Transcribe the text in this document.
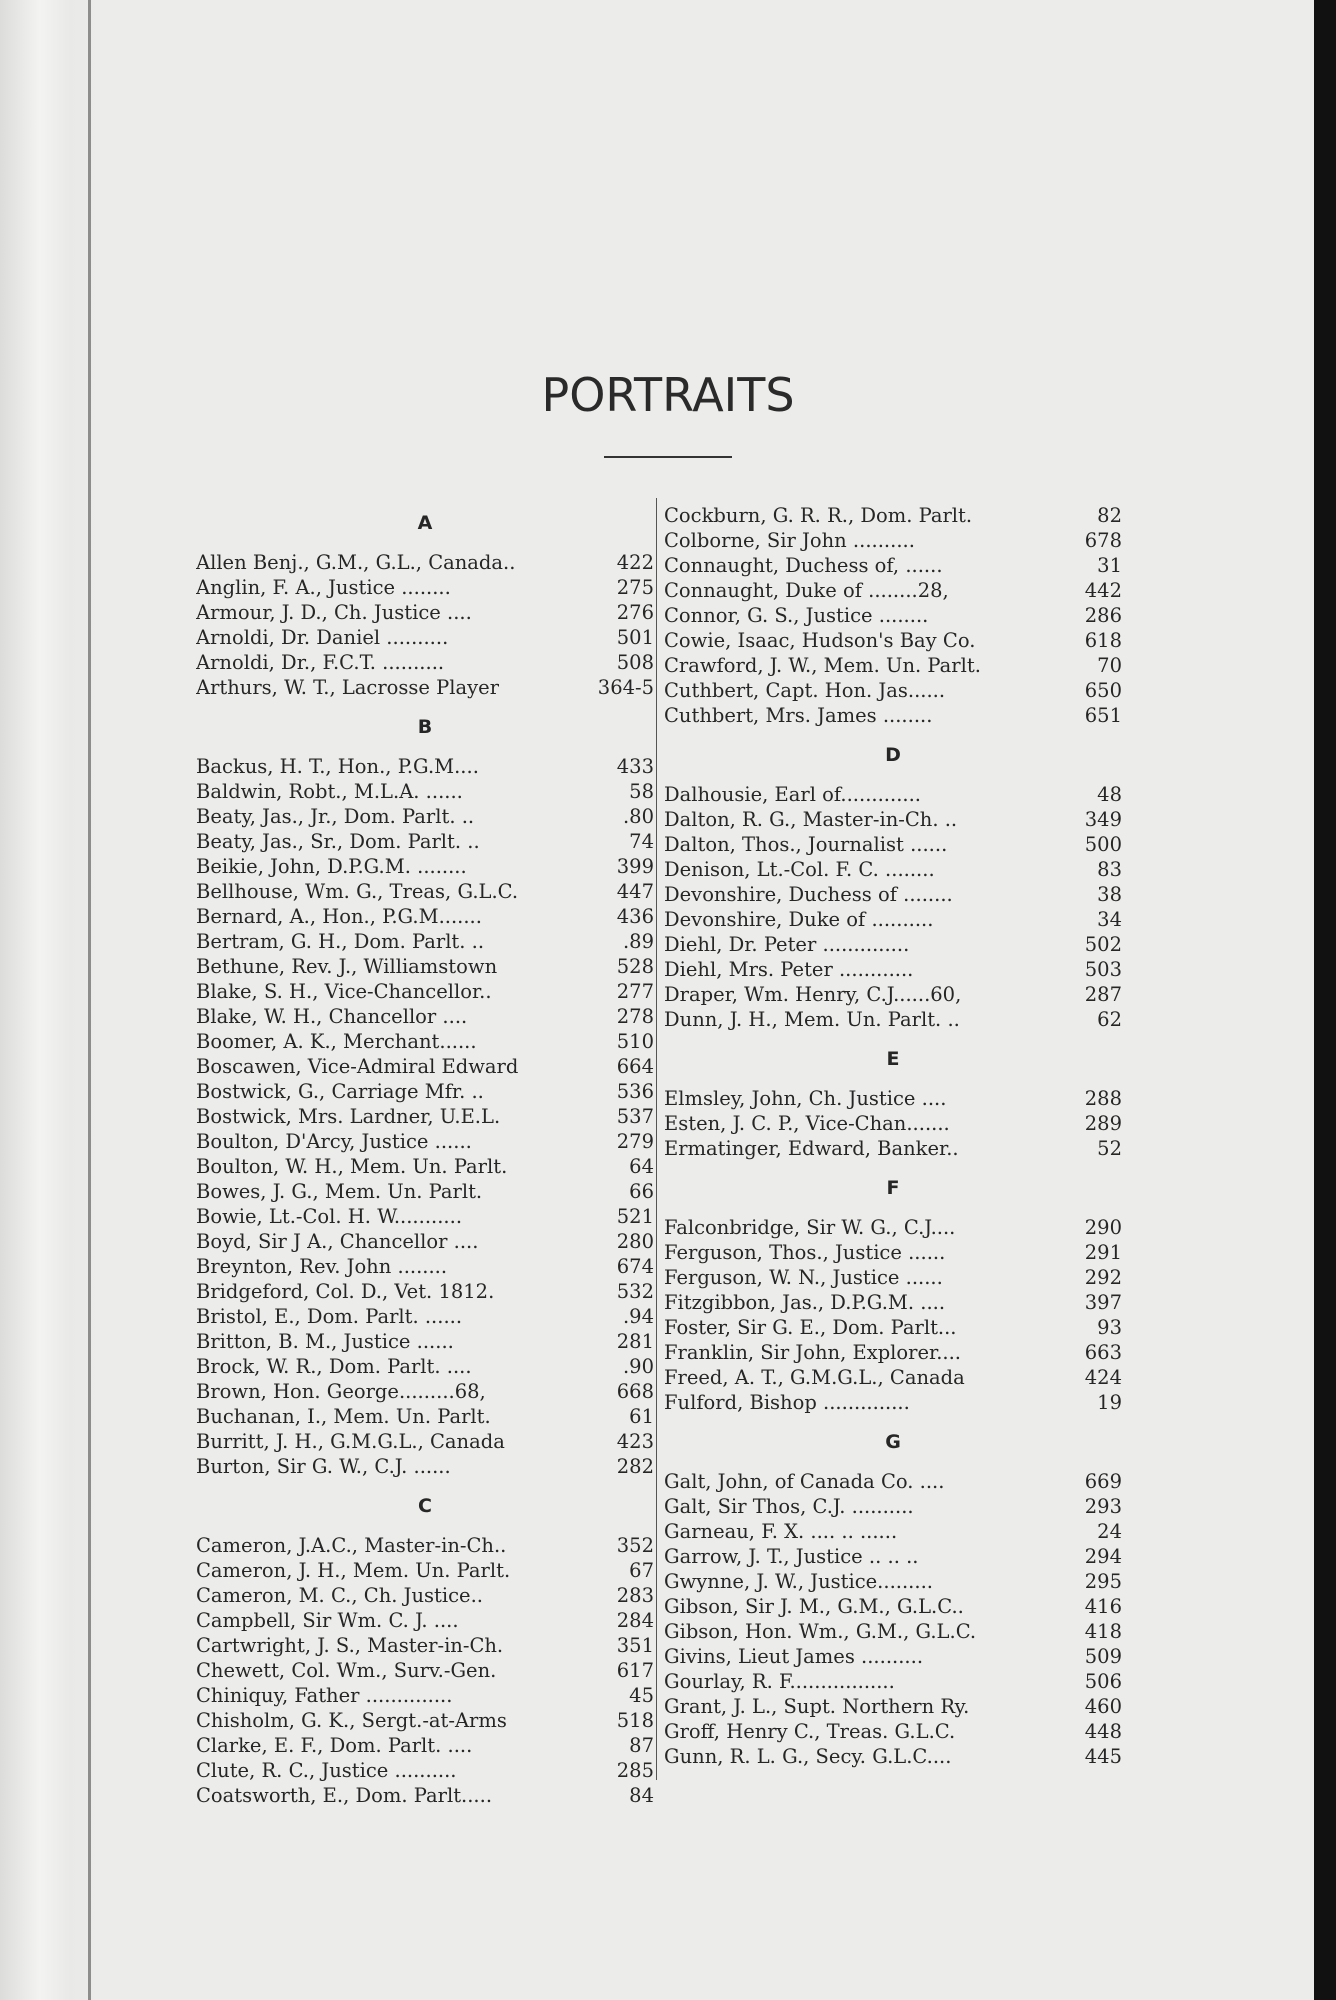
PORTRAITS
A
Allen Benj., G.M., G.L., Canada..	422
Anglin, F. A., Justice ........	275
Armour, J. D., Ch. Justice ....	276
Arnoldi, Dr. Daniel ..........	501
Arnoldi, Dr., F.C.T. ..........	508
Arthurs, W. T., Lacrosse Player	364-5
B
Backus, H. T., Hon., P.G.M....	433
Baldwin, Robt., M.L.A. ......	58
Beaty, Jas., Jr., Dom. Parlt. ..	.80
Beaty, Jas., Sr., Dom. Parlt. ..	74
Beikie, John, D.P.G.M. ........	399
Bellhouse, Wm. G., Treas, G.L.C.	447
Bernard, A., Hon., P.G.M.......	436
Bertram, G. H., Dom. Parlt. ..	.89
Bethune, Rev. J., Williamstown	528
Blake, S. H., Vice-Chancellor..	277
Blake, W. H., Chancellor ....	278
Boomer, A. K., Merchant......	510
Boscawen, Vice-Admiral Edward	664
Bostwick, G., Carriage Mfr. ..	536
Bostwick, Mrs. Lardner, U.E.L.	537
Boulton, D'Arcy, Justice ......	279
Boulton, W. H., Mem. Un. Parlt.	64
Bowes, J. G., Mem. Un. Parlt.	66
Bowie, Lt.-Col. H. W...........	521
Boyd, Sir J A., Chancellor ....	280
Breynton, Rev. John ........	674
Bridgeford, Col. D., Vet. 1812.	532
Bristol, E., Dom. Parlt. ......	.94
Britton, B. M., Justice ......	281
Brock, W. R., Dom. Parlt. ....	.90
Brown, Hon. George.........68,	668
Buchanan, I., Mem. Un. Parlt.	61
Burritt, J. H., G.M.G.L., Canada	423
Burton, Sir G. W., C.J. ......	282
C
Cameron, J.A.C., Master-in-Ch..	352
Cameron, J. H., Mem. Un. Parlt.	67
Cameron, M. C., Ch. Justice..	283
Campbell, Sir Wm. C. J. ....	284
Cartwright, J. S., Master-in-Ch.	351
Chewett, Col. Wm., Surv.-Gen.	617
Chiniquy, Father ..............	45
Chisholm, G. K., Sergt.-at-Arms	518
Clarke, E. F., Dom. Parlt. ....	87
Clute, R. C., Justice ..........	285
Coatsworth, E., Dom. Parlt.....	84
Cockburn, G. R. R., Dom. Parlt.	82
Colborne, Sir John ..........	678
Connaught, Duchess of, ......	31
Connaught, Duke of ........28,	442
Connor, G. S., Justice ........	286
Cowie, Isaac, Hudson's Bay Co.	618
Crawford, J. W., Mem. Un. Parlt.	70
Cuthbert, Capt. Hon. Jas......	650
Cuthbert, Mrs. James ........	651
D
Dalhousie, Earl of.............	48
Dalton, R. G., Master-in-Ch. ..	349
Dalton, Thos., Journalist ......	500
Denison, Lt.-Col. F. C. ........	83
Devonshire, Duchess of ........	38
Devonshire, Duke of ..........	34
Diehl, Dr. Peter ..............	502
Diehl, Mrs. Peter ............	503
Draper, Wm. Henry, C.J......60,	287
Dunn, J. H., Mem. Un. Parlt. ..	62
E
Elmsley, John, Ch. Justice ....	288
Esten, J. C. P., Vice-Chan.......	289
Ermatinger, Edward, Banker..	52
F
Falconbridge, Sir W. G., C.J....	290
Ferguson, Thos., Justice ......	291
Ferguson, W. N., Justice ......	292
Fitzgibbon, Jas., D.P.G.M. ....	397
Foster, Sir G. E., Dom. Parlt...	93
Franklin, Sir John, Explorer....	663
Freed, A. T., G.M.G.L., Canada	424
Fulford, Bishop ..............	19
G
Galt, John, of Canada Co. ....	669
Galt, Sir Thos, C.J. ..........	293
Garneau, F. X. .... .. ......	24
Garrow, J. T., Justice .. .. ..	294
Gwynne, J. W., Justice.........	295
Gibson, Sir J. M., G.M., G.L.C..	416
Gibson, Hon. Wm., G.M., G.L.C.	418
Givins, Lieut James ..........	509
Gourlay, R. F.................	506
Grant, J. L., Supt. Northern Ry.	460
Groff, Henry C., Treas. G.L.C.	448
Gunn, R. L. G., Secy. G.L.C....	445
